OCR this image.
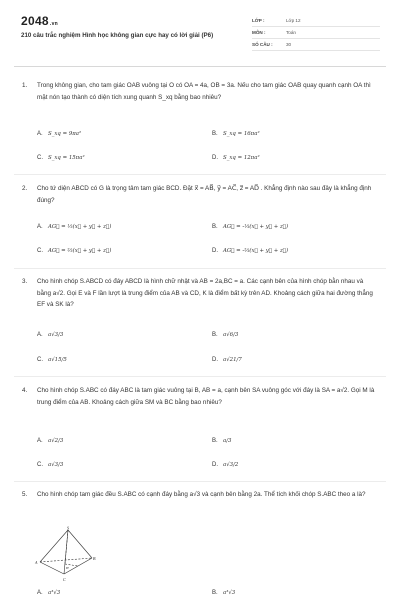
2048.vn
210 câu trắc nghiệm Hình học không gian cực hay có lời giải (P6)
LỚP :	Lớp 12
MÔN :	Toán
SỐ CÂU :	30
1. Trong không gian, cho tam giác OAB vuông tại O có OA = 4a, OB = 3a. Nếu cho tam giác OAB quay quanh cạnh OA thì mặt nón tạo thành có diện tích xung quanh S_xq bằng bao nhiêu?
A. S_xq = 9πa²	B. S_xq = 16πa²
C. S_xq = 15πa²	D. S_xq = 12πa²
2. Cho tứ diện ABCD có G là trọng tâm tam giác BCD. Đặt x⃗ = AB⃗, y⃗ = AC⃗, z⃗ = AD⃗ . Khẳng định nào sau đây là khẳng định đúng?
A. AG⃗ = ⅓(x⃗ + y⃗ + z⃗)	B. AG⃗ = -⅓(x⃗ + y⃗ + z⃗)
C. AG⃗ = ⅔(x⃗ + y⃗ + z⃗)	D. AG⃗ = -⅔(x⃗ + y⃗ + z⃗)
3. Cho hình chóp S.ABCD có đáy ABCD là hình chữ nhật và AB = 2a,BC = a. Các cạnh bên của hình chóp bằn nhau và bằng a√2. Gọi E và F lần lượt là trung điểm của AB và CD, K là điểm bất kỳ trên AD. Khoảng cách giữa hai đường thẳng EF và SK là?
A. a√3/3	B. a√6/3
C. a√15/5	D. a√21/7
4. Cho hình chóp S.ABC có đáy ABC là tam giác vuông tại B, AB = a, cạnh bên SA vuông góc với đáy là SA = a√2. Gọi M là trung điểm của AB. Khoảng cách giữa SM và BC bằng bao nhiêu?
A. a√2/3	B. a/3
C. a√3/3	D. a√3/2
5. Cho hình chóp tam giác đều S.ABC có cạnh đáy bằng a√3 và cạnh bên bằng 2a. Thể tích khối chóp S.ABC theo a là?
S
A
B
C
H
A. a³√3	B. a³√3
